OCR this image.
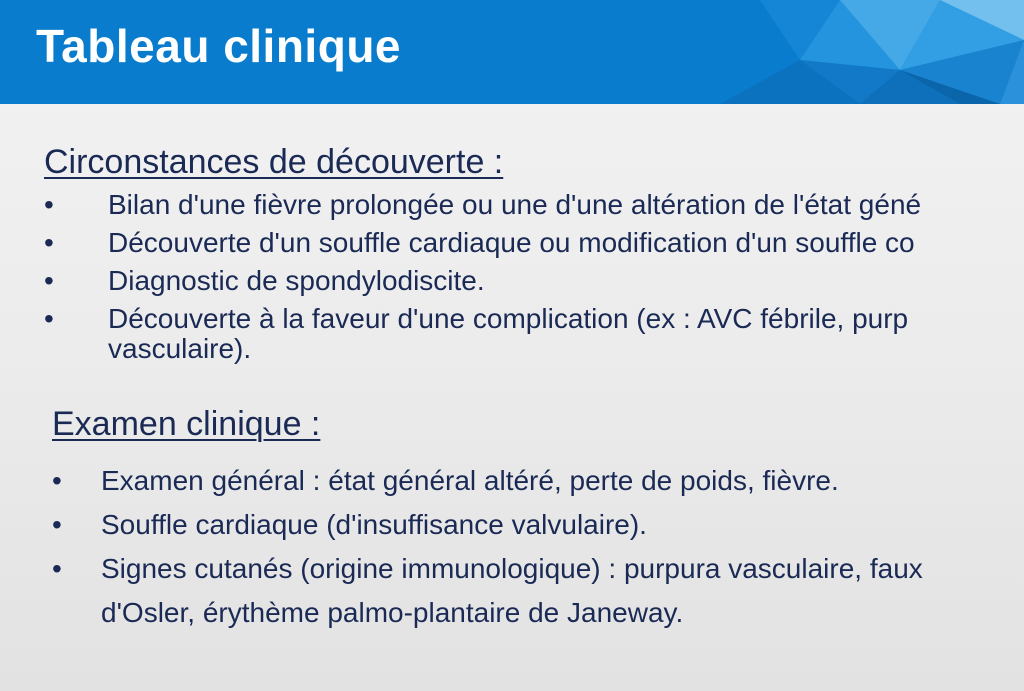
Tableau clinique
Circonstances de découverte :
• Bilan d'une fièvre prolongée ou une d'une altération de l'état géné
• Découverte d'un souffle cardiaque ou modification d'un souffle co
• Diagnostic de spondylodiscite.
• Découverte à la faveur d'une complication (ex : AVC fébrile, purp
vasculaire).
Examen clinique :
• Examen général : état général altéré, perte de poids, fièvre.
• Souffle cardiaque (d'insuffisance valvulaire).
• Signes cutanés (origine immunologique) : purpura vasculaire, faux
d'Osler, érythème palmo-plantaire de Janeway.
